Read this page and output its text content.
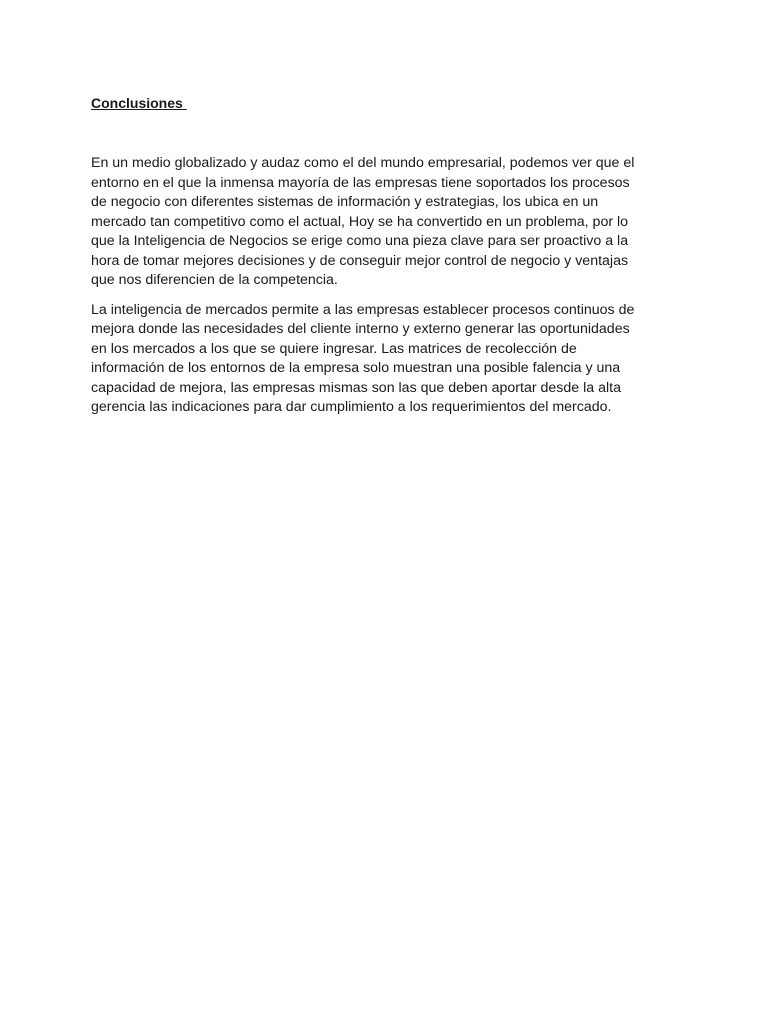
Conclusiones
En un medio globalizado y audaz como el del mundo empresarial, podemos ver que el
entorno en el que la inmensa mayoría de las empresas tiene soportados los procesos
de negocio con diferentes sistemas de información y estrategias, los ubica en un
mercado tan competitivo como el actual, Hoy se ha convertido en un problema, por lo
que la Inteligencia de Negocios se erige como una pieza clave para ser proactivo a la
hora de tomar mejores decisiones y de conseguir mejor control de negocio y ventajas
que nos diferencien de la competencia.
La inteligencia de mercados permite a las empresas establecer procesos continuos de
mejora donde las necesidades del cliente interno y externo generar las oportunidades
en los mercados a los que se quiere ingresar. Las matrices de recolección de
información de los entornos de la empresa solo muestran una posible falencia y una
capacidad de mejora, las empresas mismas son las que deben aportar desde la alta
gerencia las indicaciones para dar cumplimiento a los requerimientos del mercado.
